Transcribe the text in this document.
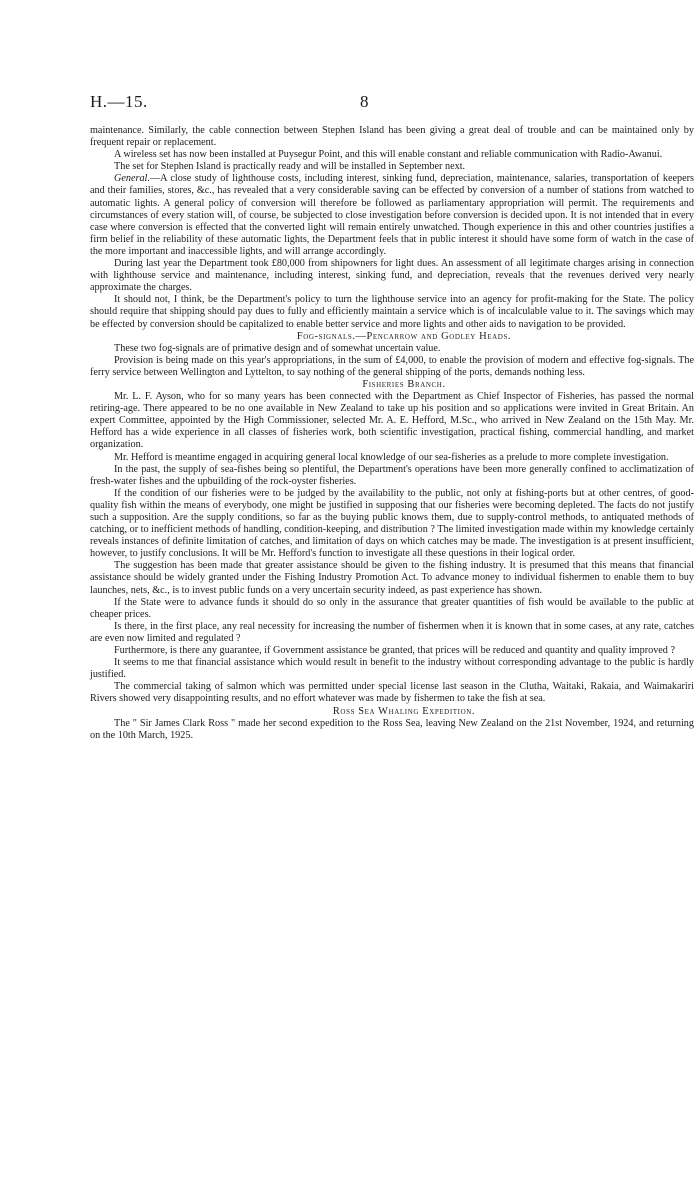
H.—15.	8

maintenance. Similarly, the cable connection between Stephen Island has been giving a great deal of trouble and can be maintained only by frequent repair or replacement.

A wireless set has now been installed at Puysegur Point, and this will enable constant and reliable communication with Radio-Awanui.

The set for Stephen Island is practically ready and will be installed in September next.

General.—A close study of lighthouse costs, including interest, sinking fund, depreciation, maintenance, salaries, transportation of keepers and their families, stores, &c., has revealed that a very considerable saving can be effected by conversion of a number of stations from watched to automatic lights. A general policy of conversion will therefore be followed as parliamentary appropriation will permit. The requirements and circumstances of every station will, of course, be subjected to close investigation before conversion is decided upon. It is not intended that in every case where conversion is effected that the converted light will remain entirely unwatched. Though experience in this and other countries justifies a firm belief in the reliability of these automatic lights, the Department feels that in public interest it should have some form of watch in the case of the more important and inaccessible lights, and will arrange accordingly.

During last year the Department took £80,000 from shipowners for light dues. An assessment of all legitimate charges arising in connection with lighthouse service and maintenance, including interest, sinking fund, and depreciation, reveals that the revenues derived very nearly approximate the charges.

It should not, I think, be the Department's policy to turn the lighthouse service into an agency for profit-making for the State. The policy should require that shipping should pay dues to fully and efficiently maintain a service which is of incalculable value to it. The savings which may be effected by conversion should be capitalized to enable better service and more lights and other aids to navigation to be provided.

Fog-signals.—Pencarrow and Godley Heads.

These two fog-signals are of primative design and of somewhat uncertain value.

Provision is being made on this year's appropriations, in the sum of £4,000, to enable the provision of modern and effective fog-signals. The ferry service between Wellington and Lyttelton, to say nothing of the general shipping of the ports, demands nothing less.

Fisheries Branch.

Mr. L. F. Ayson, who for so many years has been connected with the Department as Chief Inspector of Fisheries, has passed the normal retiring-age. There appeared to be no one available in New Zealand to take up his position and so applications were invited in Great Britain. An expert Committee, appointed by the High Commissioner, selected Mr. A. E. Hefford, M.Sc., who arrived in New Zealand on the 15th May. Mr. Hefford has a wide experience in all classes of fisheries work, both scientific investigation, practical fishing, commercial handling, and market organization.

Mr. Hefford is meantime engaged in acquiring general local knowledge of our sea-fisheries as a prelude to more complete investigation.

In the past, the supply of sea-fishes being so plentiful, the Department's operations have been more generally confined to acclimatization of fresh-water fishes and the upbuilding of the rock-oyster fisheries.

If the condition of our fisheries were to be judged by the availability to the public, not only at fishing-ports but at other centres, of good-quality fish within the means of everybody, one might be justified in supposing that our fisheries were becoming depleted. The facts do not justify such a supposition. Are the supply conditions, so far as the buying public knows them, due to supply-control methods, to antiquated methods of catching, or to inefficient methods of handling, condition-keeping, and distribution ? The limited investigation made within my knowledge certainly reveals instances of definite limitation of catches, and limitation of days on which catches may be made. The investigation is at present insufficient, however, to justify conclusions. It will be Mr. Hefford's function to investigate all these questions in their logical order.

The suggestion has been made that greater assistance should be given to the fishing industry. It is presumed that this means that financial assistance should be widely granted under the Fishing Industry Promotion Act. To advance money to individual fishermen to enable them to buy launches, nets, &c., is to invest public funds on a very uncertain security indeed, as past experience has shown.

If the State were to advance funds it should do so only in the assurance that greater quantities of fish would be available to the public at cheaper prices.

Is there, in the first place, any real necessity for increasing the number of fishermen when it is known that in some cases, at any rate, catches are even now limited and regulated ?

Furthermore, is there any guarantee, if Government assistance be granted, that prices will be reduced and quantity and quality improved ?

It seems to me that financial assistance which would result in benefit to the industry without corresponding advantage to the public is hardly justified.

The commercial taking of salmon which was permitted under special license last season in the Clutha, Waitaki, Rakaia, and Waimakariri Rivers showed very disappointing results, and no effort whatever was made by fishermen to take the fish at sea.

Ross Sea Whaling Expedition.

The " Sir James Clark Ross " made her second expedition to the Ross Sea, leaving New Zealand on the 21st November, 1924, and returning on the 10th March, 1925.
